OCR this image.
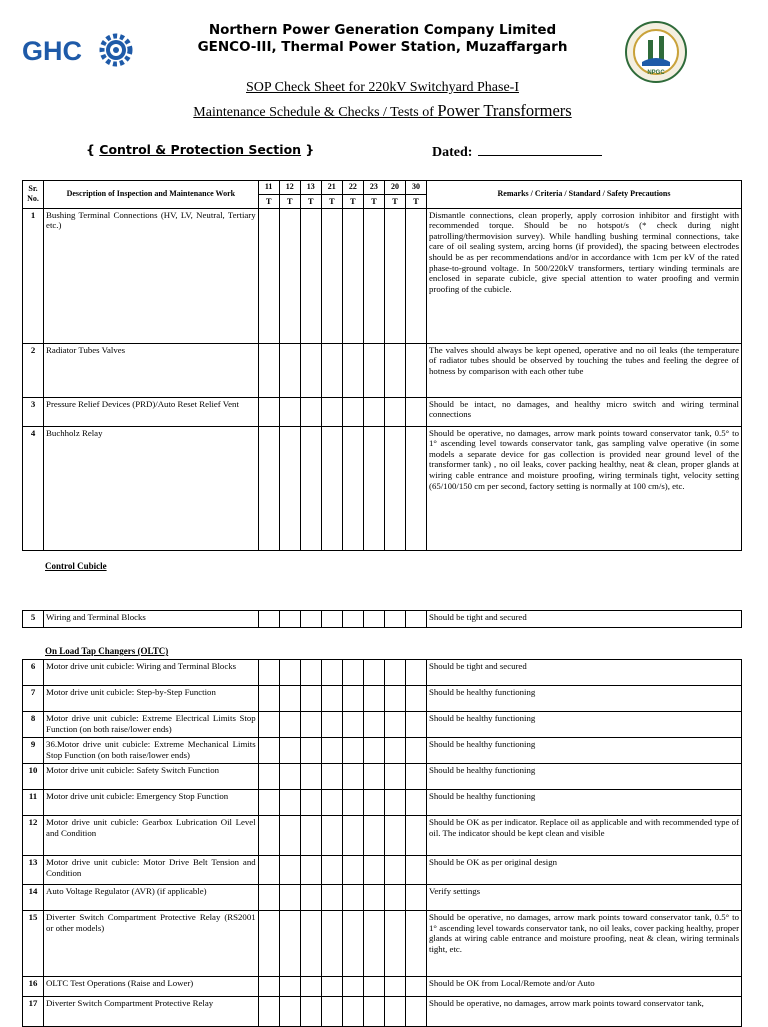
GHC
Northern Power Generation Company Limited
GENCO-III, Thermal Power Station, Muzaffargarh
NPGC
SOP Check Sheet for 220kV Switchyard Phase-I
Maintenance Schedule & Checks / Tests of Power Transformers
{ Control & Protection Section }	Dated:
Sr. No.	Description of Inspection and Maintenance Work	11	12	13	21	22	23	20	30	Remarks / Criteria / Standard / Safety Precautions
		T	T	T	T	T	T	T	T	
1	Bushing Terminal Connections (HV, LV, Neutral, Tertiary etc.)									Dismantle connections, clean properly, apply corrosion inhibitor and firstight with recommended torque. Should be no hotspot/s (* check during night patrolling/thermovision survey). While handling bushing terminal connections, take care of oil sealing system, arcing horns (if provided), the spacing between electrodes should be as per recommendations and/or in accordance with 1cm per kV of the rated phase-to-ground voltage. In 500/220kV transformers, tertiary winding terminals are enclosed in separate cubicle, give special attention to water proofing and vermin proofing of the cubicle.
2	Radiator Tubes Valves									The valves should always be kept opened, operative and no oil leaks (the temperature of radiator tubes should be observed by touching the tubes and feeling the degree of hotness by comparison with each other tube
3	Pressure Relief Devices (PRD)/Auto Reset Relief Vent									Should be intact, no damages, and healthy micro switch and wiring terminal connections
4	Buchholz Relay									Should be operative, no damages, arrow mark points toward conservator tank, 0.5° to 1° ascending level towards conservator tank, gas sampling valve operative (in some models a separate device for gas collection is provided near ground level of the transformer tank) , no oil leaks, cover packing healthy, neat & clean, proper glands at wiring cable entrance and moisture proofing, wiring terminals tight, velocity setting (65/100/150 cm per second, factory setting is normally at 100 cm/s), etc.
Control Cubicle
5	Wiring and Terminal Blocks									Should be tight and secured
On Load Tap Changers (OLTC)
6	Motor drive unit cubicle: Wiring and Terminal Blocks									Should be tight and secured
7	Motor drive unit cubicle: Step-by-Step Function									Should be healthy functioning
8	Motor drive unit cubicle: Extreme Electrical Limits Stop Function (on both raise/lower ends)									Should be healthy functioning
9	36.Motor drive unit cubicle: Extreme Mechanical Limits Stop Function (on both raise/lower ends)									Should be healthy functioning
10	Motor drive unit cubicle: Safety Switch Function									Should be healthy functioning
11	Motor drive unit cubicle: Emergency Stop Function									Should be healthy functioning
12	Motor drive unit cubicle: Gearbox Lubrication Oil Level and Condition									Should be OK as per indicator. Replace oil as applicable and with recommended type of oil. The indicator should be kept clean and visible
13	Motor drive unit cubicle: Motor Drive Belt Tension and Condition									Should be OK as per original design
14	Auto Voltage Regulator (AVR) (if applicable)									Verify settings
15	Diverter Switch Compartment Protective Relay (RS2001 or other models)									Should be operative, no damages, arrow mark points toward conservator tank, 0.5° to 1° ascending level towards conservator tank, no oil leaks, cover packing healthy, proper glands at wiring cable entrance and moisture proofing, neat & clean, wiring terminals tight, etc.
16	OLTC Test Operations (Raise and Lower)									Should be OK from Local/Remote and/or Auto
17	Diverter Switch Compartment Protective Relay									Should be operative, no damages, arrow mark points toward conservator tank,
